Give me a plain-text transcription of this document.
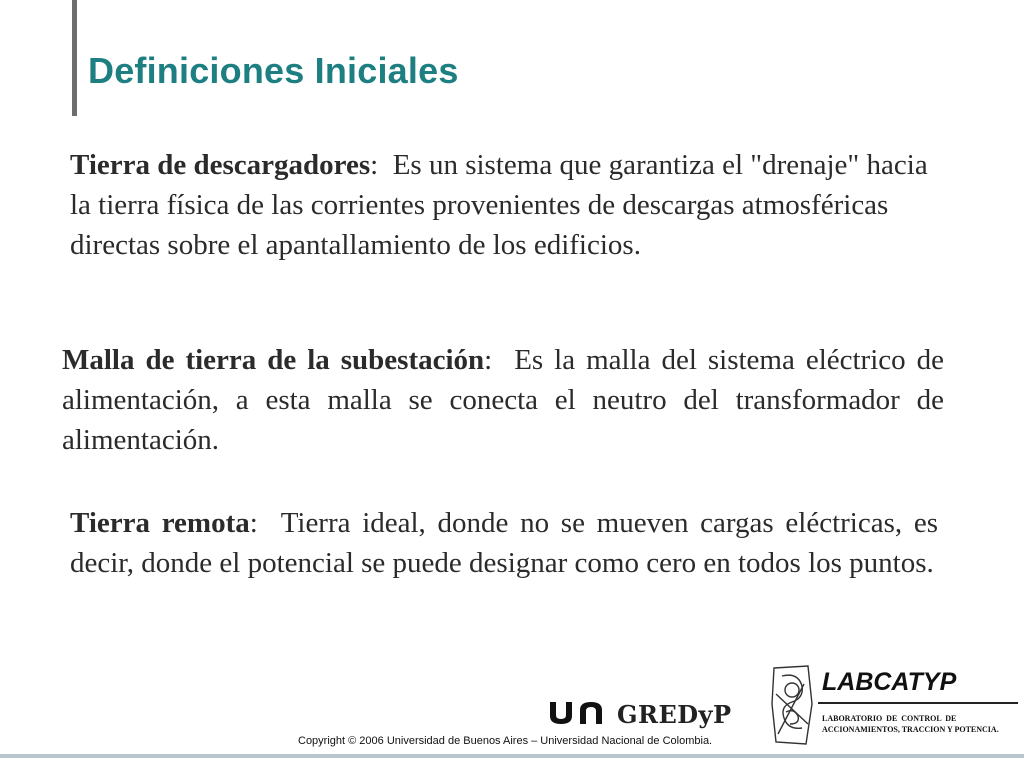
Definiciones Iniciales

Tierra de descargadores:  Es un sistema que garantiza el "drenaje" hacia la tierra física de las corrientes provenientes de descargas atmosféricas directas sobre el apantallamiento de los edificios.

Malla de tierra de la subestación:  Es la malla del sistema eléctrico de alimentación, a esta malla se conecta el neutro del transformador de alimentación.

Tierra remota:  Tierra ideal, donde no se mueven cargas eléctricas, es decir, donde el potencial se puede designar como cero en todos los puntos.

GREDyP
Copyright © 2006 Universidad de Buenos Aires – Universidad Nacional de Colombia.
LABCATYP
LABORATORIO  DE  CONTROL  DE
ACCIONAMIENTOS, TRACCION Y POTENCIA.
